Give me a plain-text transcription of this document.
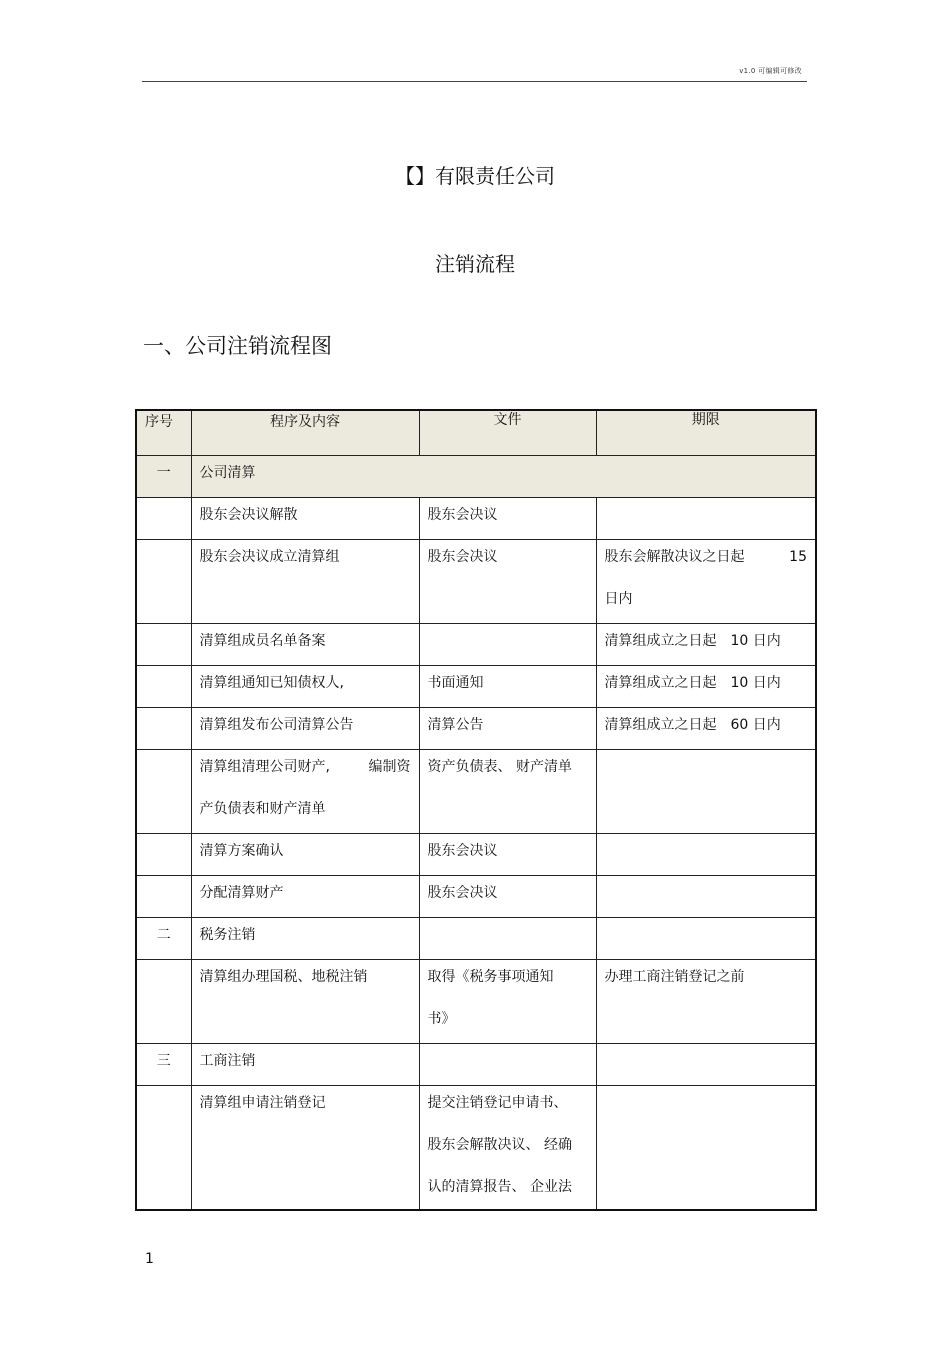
v1.0 可编辑可修改
【】有限责任公司
注销流程
一、公司注销流程图
序号	程序及内容	文件	期限

一	公司清算		

	股东会决议解散	股东会决议	

	股东会决议成立清算组	股东会决议	股东会解散决议之日起 15
日内

	清算组成员名单备案		清算组成立之日起　10 日内

	清算组通知已知债权人,	书面通知	清算组成立之日起　10 日内

	清算组发布公司清算公告	清算公告	清算组成立之日起　60 日内

	清算组清理公司财产, 编制资
产负债表和财产清单	资产负债表、 财产清单	

	清算方案确认	股东会决议	

	分配清算财产	股东会决议	

二	税务注销		

	清算组办理国税、地税注销	取得《税务事项通知
书》	办理工商注销登记之前

三	工商注销		

	清算组申请注销登记	提交注销登记申请书、
股东会解散决议、 经确
认的清算报告、 企业法	

1
